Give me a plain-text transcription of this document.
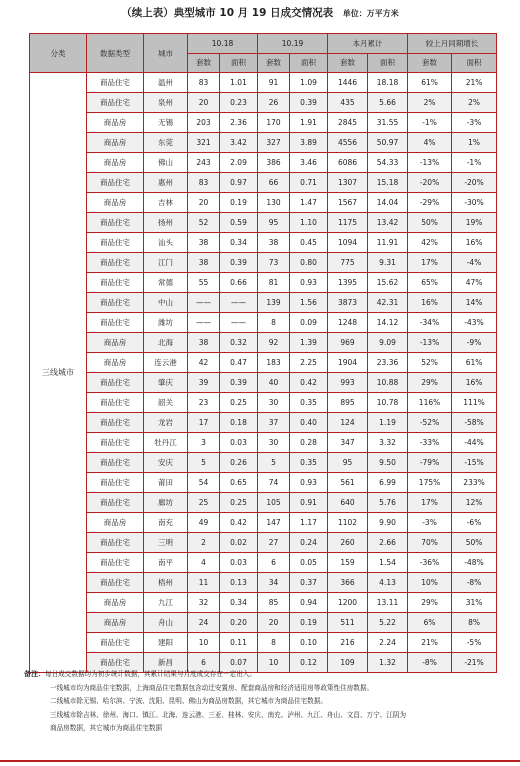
（续上表）典型城市 10 月 19 日成交情况表 单位：万平方米
分类	数据类型	城市	10.18		10.19		本月累计		较上月同期增长	
			套数	面积	套数	面积	套数	面积	套数	面积

三线城市	商品住宅	温州	83	1.01	91	1.09	1446	18.18	61%	21%
	商品住宅	泉州	20	0.23	26	0.39	435	5.66	2%	2%
	商品房	无锡	203	2.36	170	1.91	2845	31.55	-1%	-3%
	商品房	东莞	321	3.42	327	3.89	4556	50.97	4%	1%
	商品房	佛山	243	2.09	386	3.46	6086	54.33	-13%	-1%
	商品住宅	惠州	83	0.97	66	0.71	1307	15.18	-20%	-20%
	商品房	吉林	20	0.19	130	1.47	1567	14.04	-29%	-30%
	商品住宅	扬州	52	0.59	95	1.10	1175	13.42	50%	19%
	商品住宅	汕头	38	0.34	38	0.45	1094	11.91	42%	16%
	商品住宅	江门	38	0.39	73	0.80	775	9.31	17%	-4%
	商品住宅	常德	55	0.66	81	0.93	1395	15.62	65%	47%
	商品住宅	中山	——	——	139	1.56	3873	42.31	16%	14%
	商品住宅	潍坊	——	——	8	0.09	1248	14.12	-34%	-43%
	商品房	北海	38	0.32	92	1.39	969	9.09	-13%	-9%
	商品房	连云港	42	0.47	183	2.25	1904	23.36	52%	61%
	商品住宅	肇庆	39	0.39	40	0.42	993	10.88	29%	16%
	商品住宅	韶关	23	0.25	30	0.35	895	10.78	116%	111%
	商品住宅	龙岩	17	0.18	37	0.40	124	1.19	-52%	-58%
	商品住宅	牡丹江	3	0.03	30	0.28	347	3.32	-33%	-44%
	商品住宅	安庆	5	0.26	5	0.35	95	9.50	-79%	-15%
	商品住宅	莆田	54	0.65	74	0.93	561	6.99	175%	233%
	商品住宅	廊坊	25	0.25	105	0.91	640	5.76	17%	12%
	商品房	南充	49	0.42	147	1.17	1102	9.90	-3%	-6%
	商品住宅	三明	2	0.02	27	0.24	260	2.66	70%	50%
	商品住宅	南平	4	0.03	6	0.05	159	1.54	-36%	-48%
	商品住宅	梧州	11	0.13	34	0.37	366	4.13	10%	-8%
	商品房	九江	32	0.34	85	0.94	1200	13.11	29%	31%
	商品房	舟山	24	0.20	20	0.19	511	5.22	6%	8%
	商品住宅	建阳	10	0.11	8	0.10	216	2.24	21%	-5%
	商品住宅	新昌	6	0.07	10	0.12	109	1.32	-8%	-21%
备注：每日成交数据均为初步统计数据，其累计结果与月度成交存在一定出入。
一线城市均为商品住宅数据，上海商品住宅数据包含动迁安置房、配套商品房和经济适用房等政策性住房数据。
二线城市除无锡、哈尔滨、宁波、沈阳、昆明、佛山为商品房数据，其它城市为商品住宅数据。
三线城市除吉林、徐州、海口、镇江、北海、连云港、三亚、桂林、安庆、南充、泸州、九江、舟山、文昌、万宁、江阴为
商品房数据，其它城市为商品住宅数据
